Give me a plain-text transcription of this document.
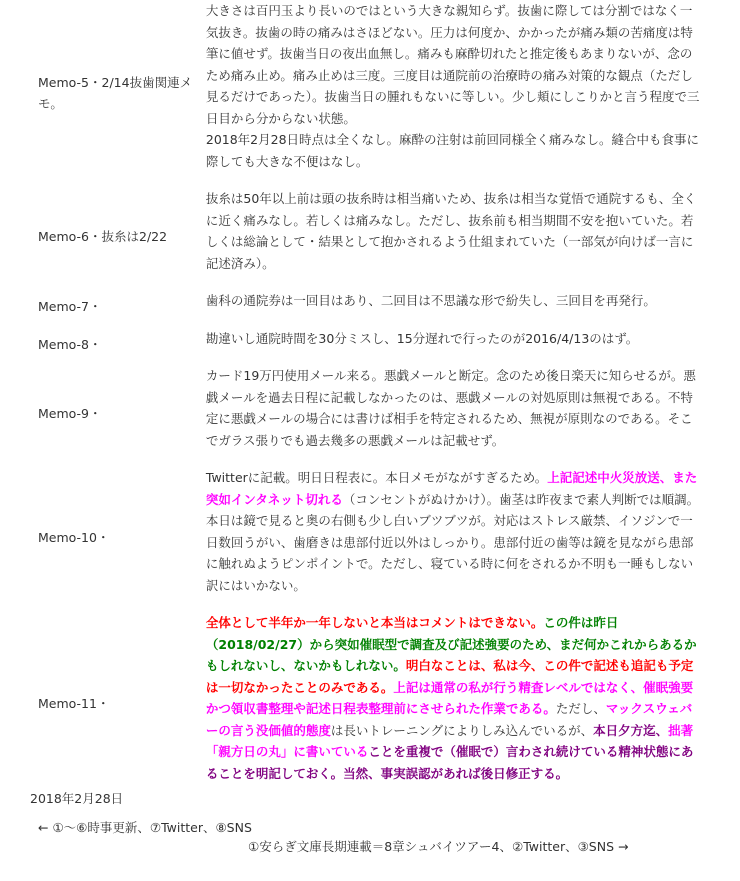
Memo-5・2/14抜歯関連メモ。	大きさは百円玉より長いのではという大きな親知らず。抜歯に際しては分割ではなく一気抜き。抜歯の時の痛みはさほどない。圧力は何度か、かかったが痛み類の苦痛度は特筆に値せず。抜歯当日の夜出血無し。痛みも麻酔切れたと推定後もあまりないが、念のため痛み止め。痛み止めは三度。三度目は通院前の治療時の痛み対策的な観点（ただし見るだけであった）。抜歯当日の腫れもないに等しい。少し頬にしこりかと言う程度で三日目から分からない状態。
2018年2月28日時点は全くなし。麻酔の注射は前回同様全く痛みなし。縫合中も食事に際しても大きな不便はなし。

Memo-6・抜糸は2/22	抜糸は50年以上前は頭の抜糸時は相当痛いため、抜糸は相当な覚悟で通院するも、全くに近く痛みなし。若しくは痛みなし。ただし、抜糸前も相当期間不安を抱いていた。若しくは総論として・結果として抱かされるよう仕組まれていた（一部気が向けば一言に記述済み）。

Memo-7・	歯科の通院券は一回目はあり、二回目は不思議な形で紛失し、三回目を再発行。

Memo-8・	勘違いし通院時間を30分ミスし、15分遅れで行ったのが2016/4/13のはず。

Memo-9・	カード19万円使用メール来る。悪戯メールと断定。念のため後日楽天に知らせるが。悪戯メールを過去日程に記載しなかったのは、悪戯メールの対処原則は無視である。不特定に悪戯メールの場合には書けば相手を特定されるため、無視が原則なのである。そこでガラス張りでも過去幾多の悪戯メールは記載せず。

Memo-10・	Twitterに記載。明日日程表に。本日メモがながすぎるため。上記記述中火災放送、また突如インタネット切れる（コンセントがぬけかけ）。歯茎は昨夜まで素人判断では順調。本日は鏡で見ると奥の右側も少し白いブツブツが。対応はストレス厳禁、イソジンで一日数回うがい、歯磨きは患部付近以外はしっかり。患部付近の歯等は鏡を見ながら患部に触れぬようピンポイントで。ただし、寝ている時に何をされるか不明も一睡もしない訳にはいかない。

Memo-11・	全体として半年か一年しないと本当はコメントはできない。この件は昨日（2018/02/27）から突如催眠型で調査及び記述強要のため、まだ何かこれからあるかもしれないし、ないかもしれない。明白なことは、私は今、この件で記述も追記も予定は一切なかったことのみである。上記は通常の私が行う精査レベルではなく、催眠強要かつ領収書整理や記述日程表整理前にさせられた作業である。ただし、マックスウェバーの言う没価値的態度は長いトレーニングによりしみ込んでいるが、本日夕方迄、拙著「親方日の丸」に書いていることを重複で（催眠で）言わされ続けている精神状態にあることを明記しておく。当然、事実誤認があれば後日修正する。
2018年2月28日
← ①～⑥時事更新、⑦Twitter、⑧SNS
①安らぎ文庫長期連載＝8章シュバイツアー4、②Twitter、③SNS →
